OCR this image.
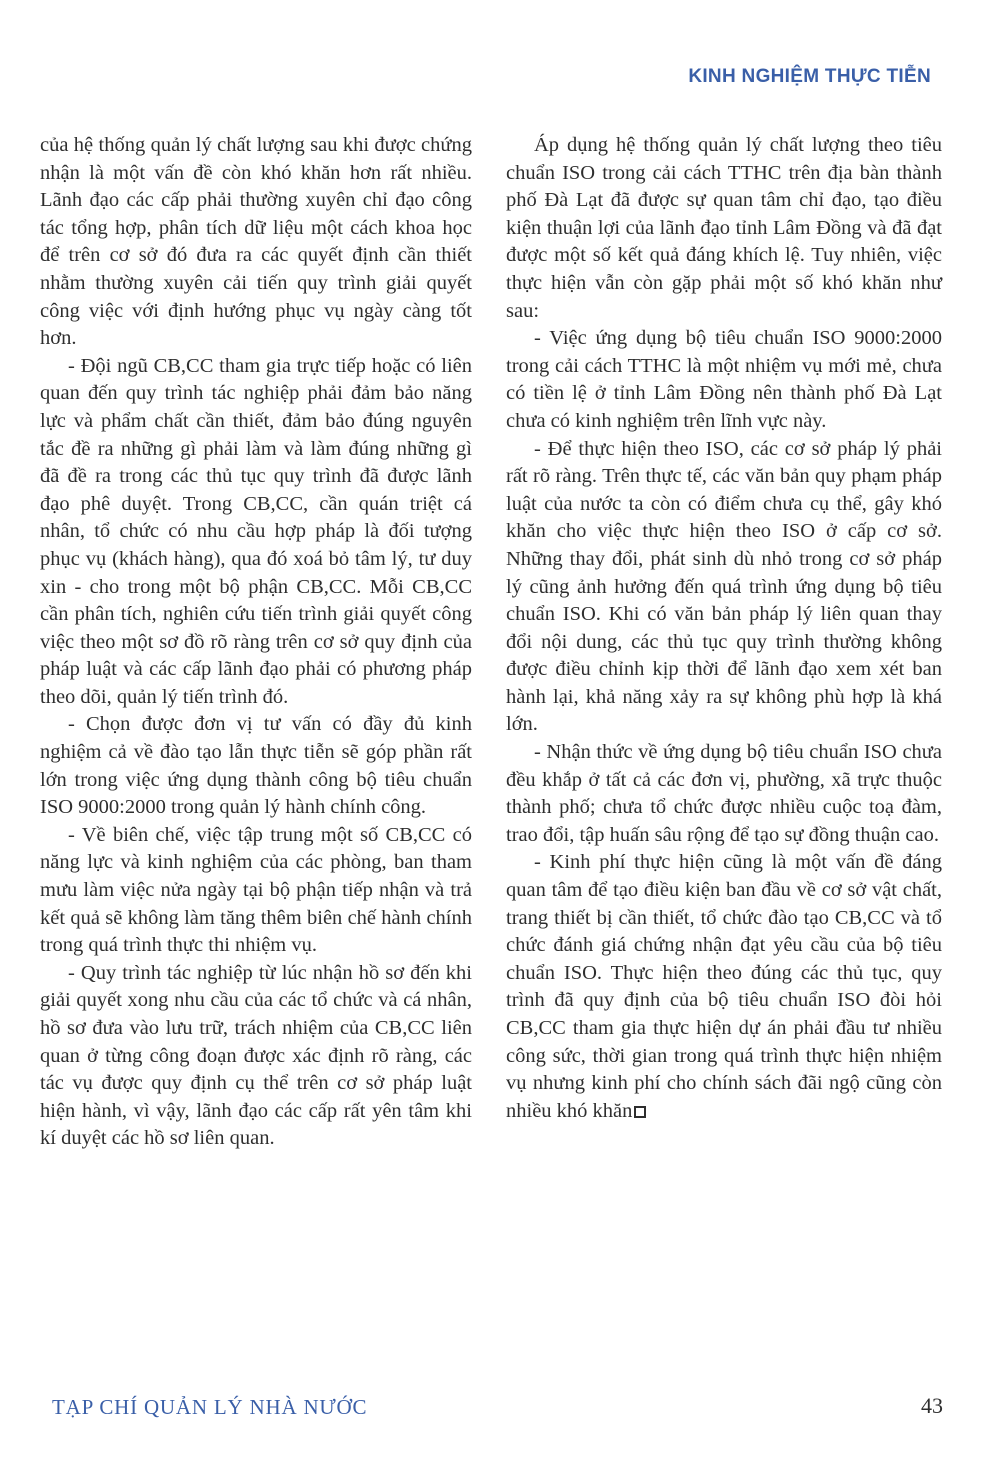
KINH NGHIỆM THỰC TIỄN

của hệ thống quản lý chất lượng sau khi được chứng nhận là một vấn đề còn khó khăn hơn rất nhiều. Lãnh đạo các cấp phải thường xuyên chỉ đạo công tác tổng hợp, phân tích dữ liệu một cách khoa học để trên cơ sở đó đưa ra các quyết định cần thiết nhằm thường xuyên cải tiến quy trình giải quyết công việc với định hướng phục vụ ngày càng tốt hơn.

- Đội ngũ CB,CC tham gia trực tiếp hoặc có liên quan đến quy trình tác nghiệp phải đảm bảo năng lực và phẩm chất cần thiết, đảm bảo đúng nguyên tắc đề ra những gì phải làm và làm đúng những gì đã đề ra trong các thủ tục quy trình đã được lãnh đạo phê duyệt. Trong CB,CC, cần quán triệt cá nhân, tổ chức có nhu cầu hợp pháp là đối tượng phục vụ (khách hàng), qua đó xoá bỏ tâm lý, tư duy xin - cho trong một bộ phận CB,CC. Mỗi CB,CC cần phân tích, nghiên cứu tiến trình giải quyết công việc theo một sơ đồ rõ ràng trên cơ sở quy định của pháp luật và các cấp lãnh đạo phải có phương pháp theo dõi, quản lý tiến trình đó.

- Chọn được đơn vị tư vấn có đầy đủ kinh nghiệm cả về đào tạo lẫn thực tiễn sẽ góp phần rất lớn trong việc ứng dụng thành công bộ tiêu chuẩn ISO 9000:2000 trong quản lý hành chính công.

- Về biên chế, việc tập trung một số CB,CC có năng lực và kinh nghiệm của các phòng, ban tham mưu làm việc nửa ngày tại bộ phận tiếp nhận và trả kết quả sẽ không làm tăng thêm biên chế hành chính trong quá trình thực thi nhiệm vụ.

- Quy trình tác nghiệp từ lúc nhận hồ sơ đến khi giải quyết xong nhu cầu của các tổ chức và cá nhân, hồ sơ đưa vào lưu trữ, trách nhiệm của CB,CC liên quan ở từng công đoạn được xác định rõ ràng, các tác vụ được quy định cụ thể trên cơ sở pháp luật hiện hành, vì vậy, lãnh đạo các cấp rất yên tâm khi kí duyệt các hồ sơ liên quan.

Áp dụng hệ thống quản lý chất lượng theo tiêu chuẩn ISO trong cải cách TTHC trên địa bàn thành phố Đà Lạt đã được sự quan tâm chỉ đạo, tạo điều kiện thuận lợi của lãnh đạo tỉnh Lâm Đồng và đã đạt được một số kết quả đáng khích lệ. Tuy nhiên, việc thực hiện vẫn còn gặp phải một số khó khăn như sau:

- Việc ứng dụng bộ tiêu chuẩn ISO 9000:2000 trong cải cách TTHC là một nhiệm vụ mới mẻ, chưa có tiền lệ ở tỉnh Lâm Đồng nên thành phố Đà Lạt chưa có kinh nghiệm trên lĩnh vực này.

- Để thực hiện theo ISO, các cơ sở pháp lý phải rất rõ ràng. Trên thực tế, các văn bản quy phạm pháp luật của nước ta còn có điểm chưa cụ thể, gây khó khăn cho việc thực hiện theo ISO ở cấp cơ sở. Những thay đổi, phát sinh dù nhỏ trong cơ sở pháp lý cũng ảnh hưởng đến quá trình ứng dụng bộ tiêu chuẩn ISO. Khi có văn bản pháp lý liên quan thay đổi nội dung, các thủ tục quy trình thường không được điều chỉnh kịp thời để lãnh đạo xem xét ban hành lại, khả năng xảy ra sự không phù hợp là khá lớn.

- Nhận thức về ứng dụng bộ tiêu chuẩn ISO chưa đều khắp ở tất cả các đơn vị, phường, xã trực thuộc thành phố; chưa tổ chức được nhiều cuộc toạ đàm, trao đổi, tập huấn sâu rộng để tạo sự đồng thuận cao.

- Kinh phí thực hiện cũng là một vấn đề đáng quan tâm để tạo điều kiện ban đầu về cơ sở vật chất, trang thiết bị cần thiết, tổ chức đào tạo CB,CC và tổ chức đánh giá chứng nhận đạt yêu cầu của bộ tiêu chuẩn ISO. Thực hiện theo đúng các thủ tục, quy trình đã quy định của bộ tiêu chuẩn ISO đòi hỏi CB,CC tham gia thực hiện dự án phải đầu tư nhiều công sức, thời gian trong quá trình thực hiện nhiệm vụ nhưng kinh phí cho chính sách đãi ngộ cũng còn nhiều khó khăn

TẠP CHÍ QUẢN LÝ NHÀ NƯỚC	43
